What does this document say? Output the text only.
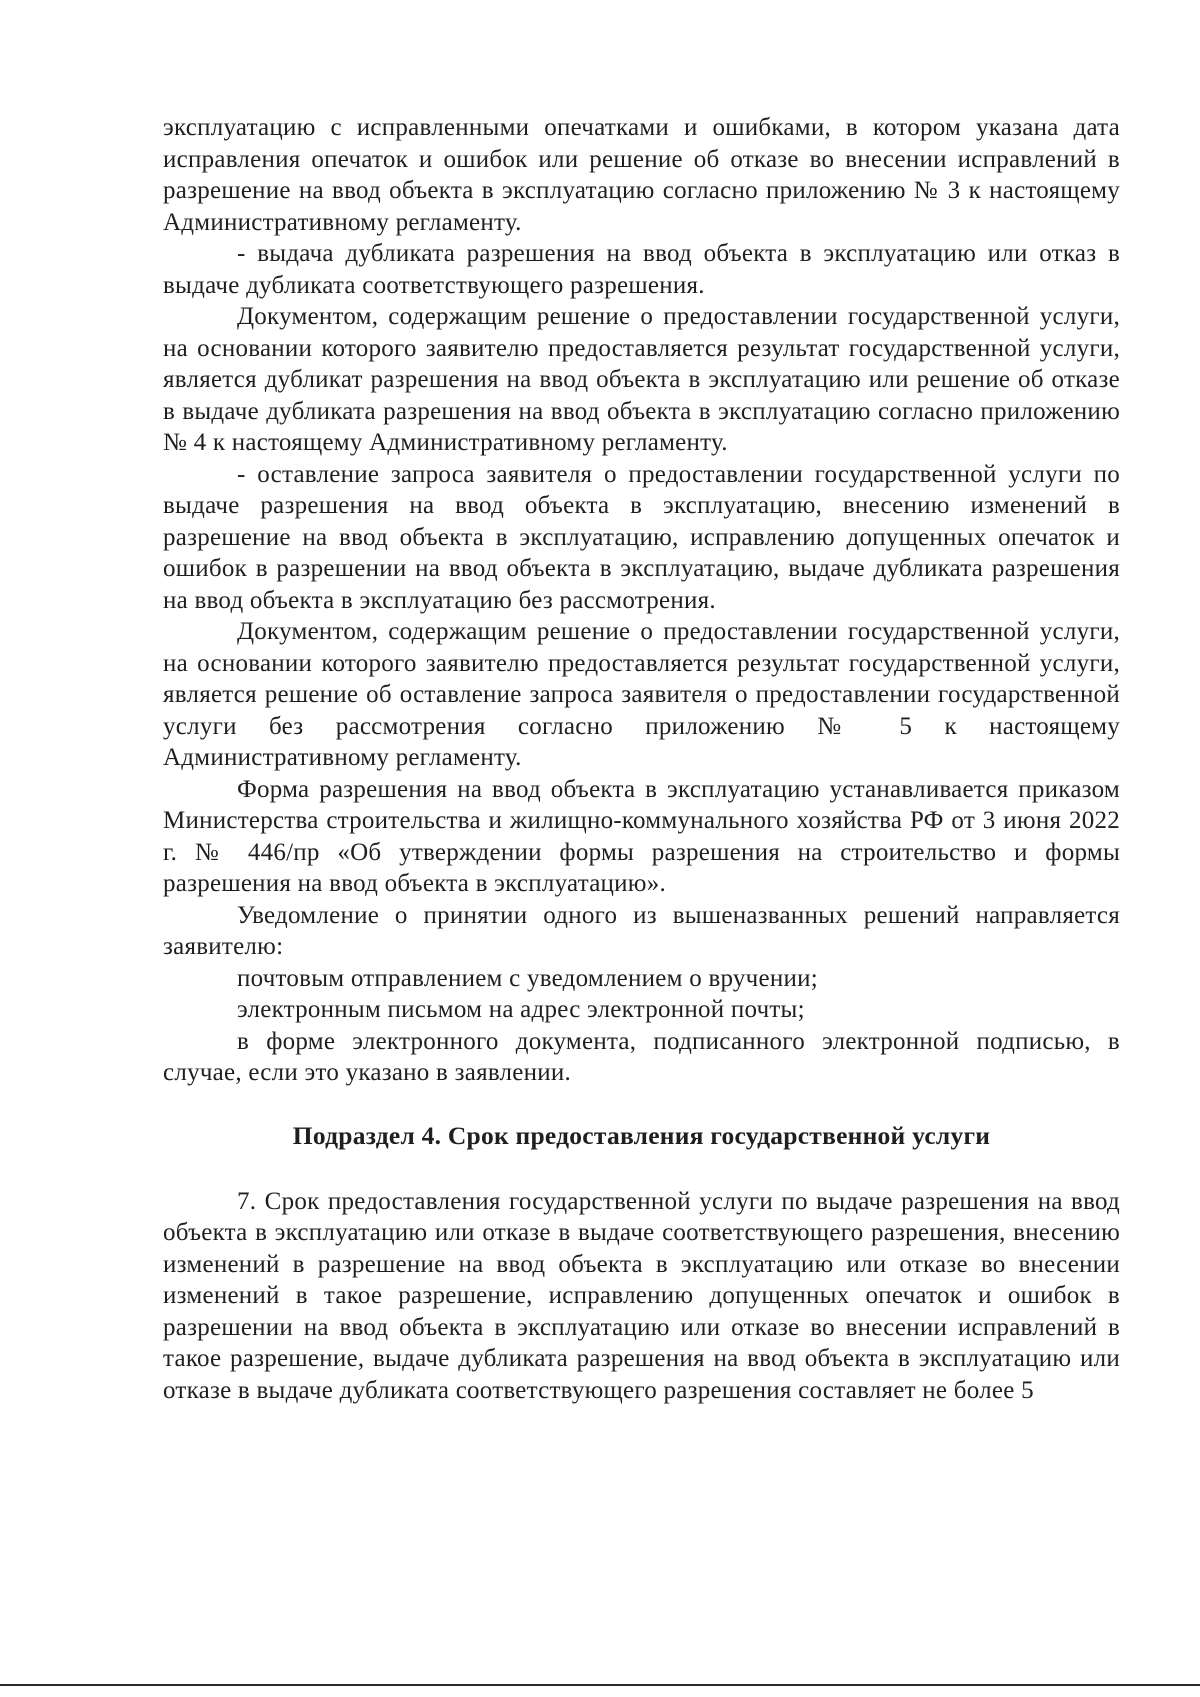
эксплуатацию с исправленными опечатками и ошибками, в котором указана дата исправления опечаток и ошибок или решение об отказе во внесении исправлений в разрешение на ввод объекта в эксплуатацию согласно приложению № 3 к настоящему Административному регламенту.

- выдача дубликата разрешения на ввод объекта в эксплуатацию или отказ в выдаче дубликата соответствующего разрешения.

Документом, содержащим решение о предоставлении государственной услуги, на основании которого заявителю предоставляется результат государственной услуги, является дубликат разрешения на ввод объекта в эксплуатацию или решение об отказе в выдаче дубликата разрешения на ввод объекта в эксплуатацию согласно приложению № 4 к настоящему Административному регламенту.

- оставление запроса заявителя о предоставлении государственной услуги по выдаче разрешения на ввод объекта в эксплуатацию, внесению изменений в разрешение на ввод объекта в эксплуатацию, исправлению допущенных опечаток и ошибок в разрешении на ввод объекта в эксплуатацию, выдаче дубликата разрешения на ввод объекта в эксплуатацию без рассмотрения.

Документом, содержащим решение о предоставлении государственной услуги, на основании которого заявителю предоставляется результат государственной услуги, является решение об оставление запроса заявителя о предоставлении государственной услуги без рассмотрения согласно приложению № 5 к настоящему Административному регламенту.

Форма разрешения на ввод объекта в эксплуатацию устанавливается приказом Министерства строительства и жилищно-коммунального хозяйства РФ от 3 июня 2022 г. № 446/пр «Об утверждении формы разрешения на строительство и формы разрешения на ввод объекта в эксплуатацию».

Уведомление о принятии одного из вышеназванных решений направляется заявителю:

почтовым отправлением с уведомлением о вручении;

электронным письмом на адрес электронной почты;

в форме электронного документа, подписанного электронной подписью, в случае, если это указано в заявлении.

Подраздел 4. Срок предоставления государственной услуги

7. Срок предоставления государственной услуги по выдаче разрешения на ввод объекта в эксплуатацию или отказе в выдаче соответствующего разрешения, внесению изменений в разрешение на ввод объекта в эксплуатацию или отказе во внесении изменений в такое разрешение, исправлению допущенных опечаток и ошибок в разрешении на ввод объекта в эксплуатацию или отказе во внесении исправлений в такое разрешение, выдаче дубликата разрешения на ввод объекта в эксплуатацию или отказе в выдаче дубликата соответствующего разрешения составляет не более 5
